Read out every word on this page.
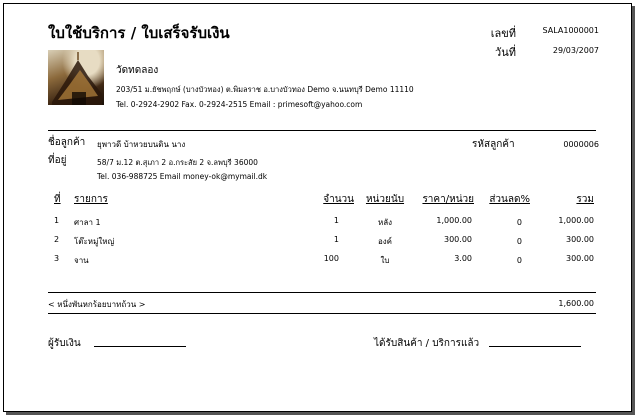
ใบใช้บริการ / ใบเสร็จรับเงิน	เลขที่	SALA1000001
วันที่	29/03/2007
วัดทดลอง
203/51 ม.ยัชพฤกษ์ (บางบัวทอง) ต.พิมลราช อ.บางบัวทอง Demo จ.นนทบุรี Demo 11110
Tel. 0-2924-2902 Fax. 0-2924-2515 Email : primesoft@yahoo.com
ชื่อลูกค้า ยุพาวดี บ้าหวยบนดิน นาง
ที่อยู่	58/7 ม.12 ต.สุเภา 2 อ.กระสัย 2 จ.ลพบุรี 36000
Tel. 036-988725 Email money-ok@mymail.dk
รหัสลูกค้า	0000006
ที่ รายการ	จำนวน	หน่วยนับ	ราคา/หน่วย	ส่วนลด%	รวม
1 ศาลา 1	1	หลัง	1,000.00	0	1,000.00
2 โต๊ะหมู่ใหญ่	1	องค์	300.00	0	300.00
3 จาน	100	ใบ	3.00	0	300.00
< หนึ่งพันหกร้อยบาทถ้วน >	1,600.00
ผู้รับเงิน	ได้รับสินค้า / บริการแล้ว
